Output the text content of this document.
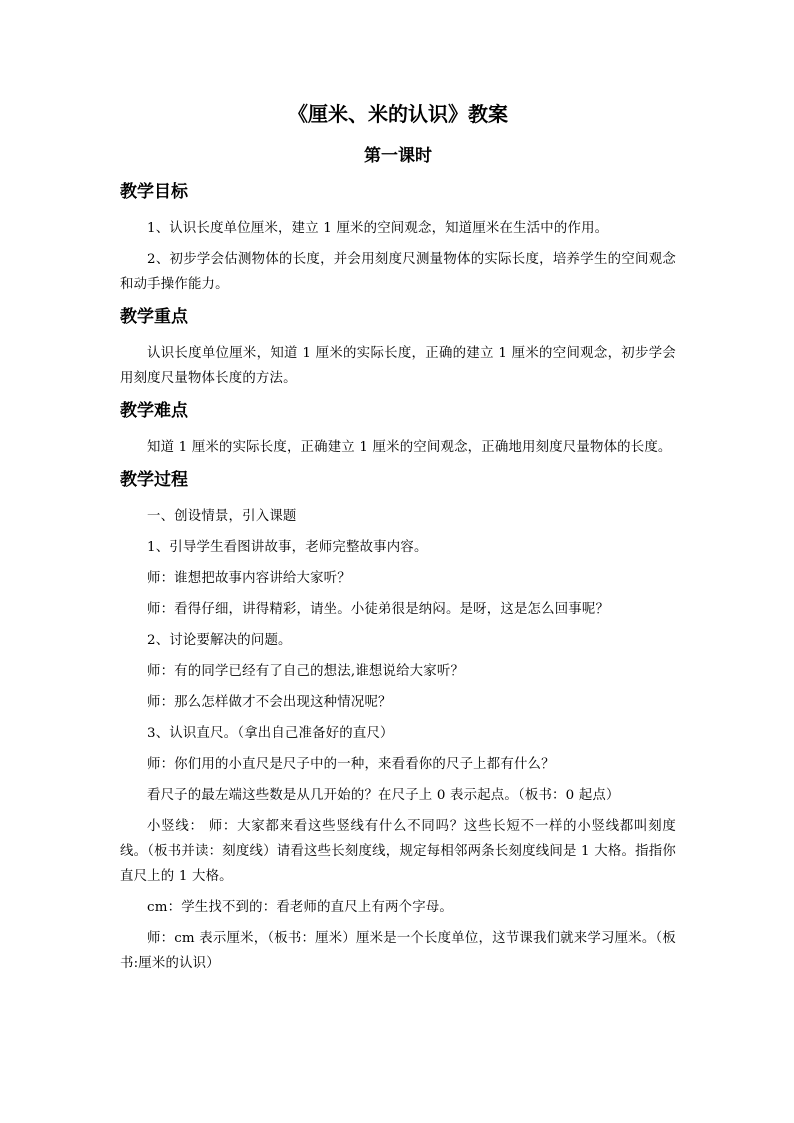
《厘米、米的认识》教案
第一课时
教学目标

1、认识长度单位厘米，建立 1 厘米的空间观念，知道厘米在生活中的作用。

2、初步学会估测物体的长度，并会用刻度尺测量物体的实际长度，培养学生的空间观念和动手操作能力。

教学重点

认识长度单位厘米，知道 1 厘米的实际长度，正确的建立 1 厘米的空间观念，初步学会用刻度尺量物体长度的方法。

教学难点

知道 1 厘米的实际长度，正确建立 1 厘米的空间观念，正确地用刻度尺量物体的长度。

教学过程

一、创设情景，引入课题

1、引导学生看图讲故事，老师完整故事内容。

师：谁想把故事内容讲给大家听？

师：看得仔细，讲得精彩，请坐。小徒弟很是纳闷。是呀，这是怎么回事呢？

2、讨论要解决的问题。

师：有的同学已经有了自己的想法,谁想说给大家听？

师：那么怎样做才不会出现这种情况呢？

3、认识直尺。（拿出自己准备好的直尺）

师：你们用的小直尺是尺子中的一种，来看看你的尺子上都有什么？

看尺子的最左端这些数是从几开始的？在尺子上 0 表示起点。（板书：0 起点）

小竖线： 师：大家都来看这些竖线有什么不同吗？这些长短不一样的小竖线都叫刻度线。（板书并读：刻度线）请看这些长刻度线，规定每相邻两条长刻度线间是 1 大格。指指你直尺上的 1 大格。

cm：学生找不到的：看老师的直尺上有两个字母。

师：cm 表示厘米，（板书：厘米）厘米是一个长度单位，这节课我们就来学习厘米。（板书:厘米的认识）
